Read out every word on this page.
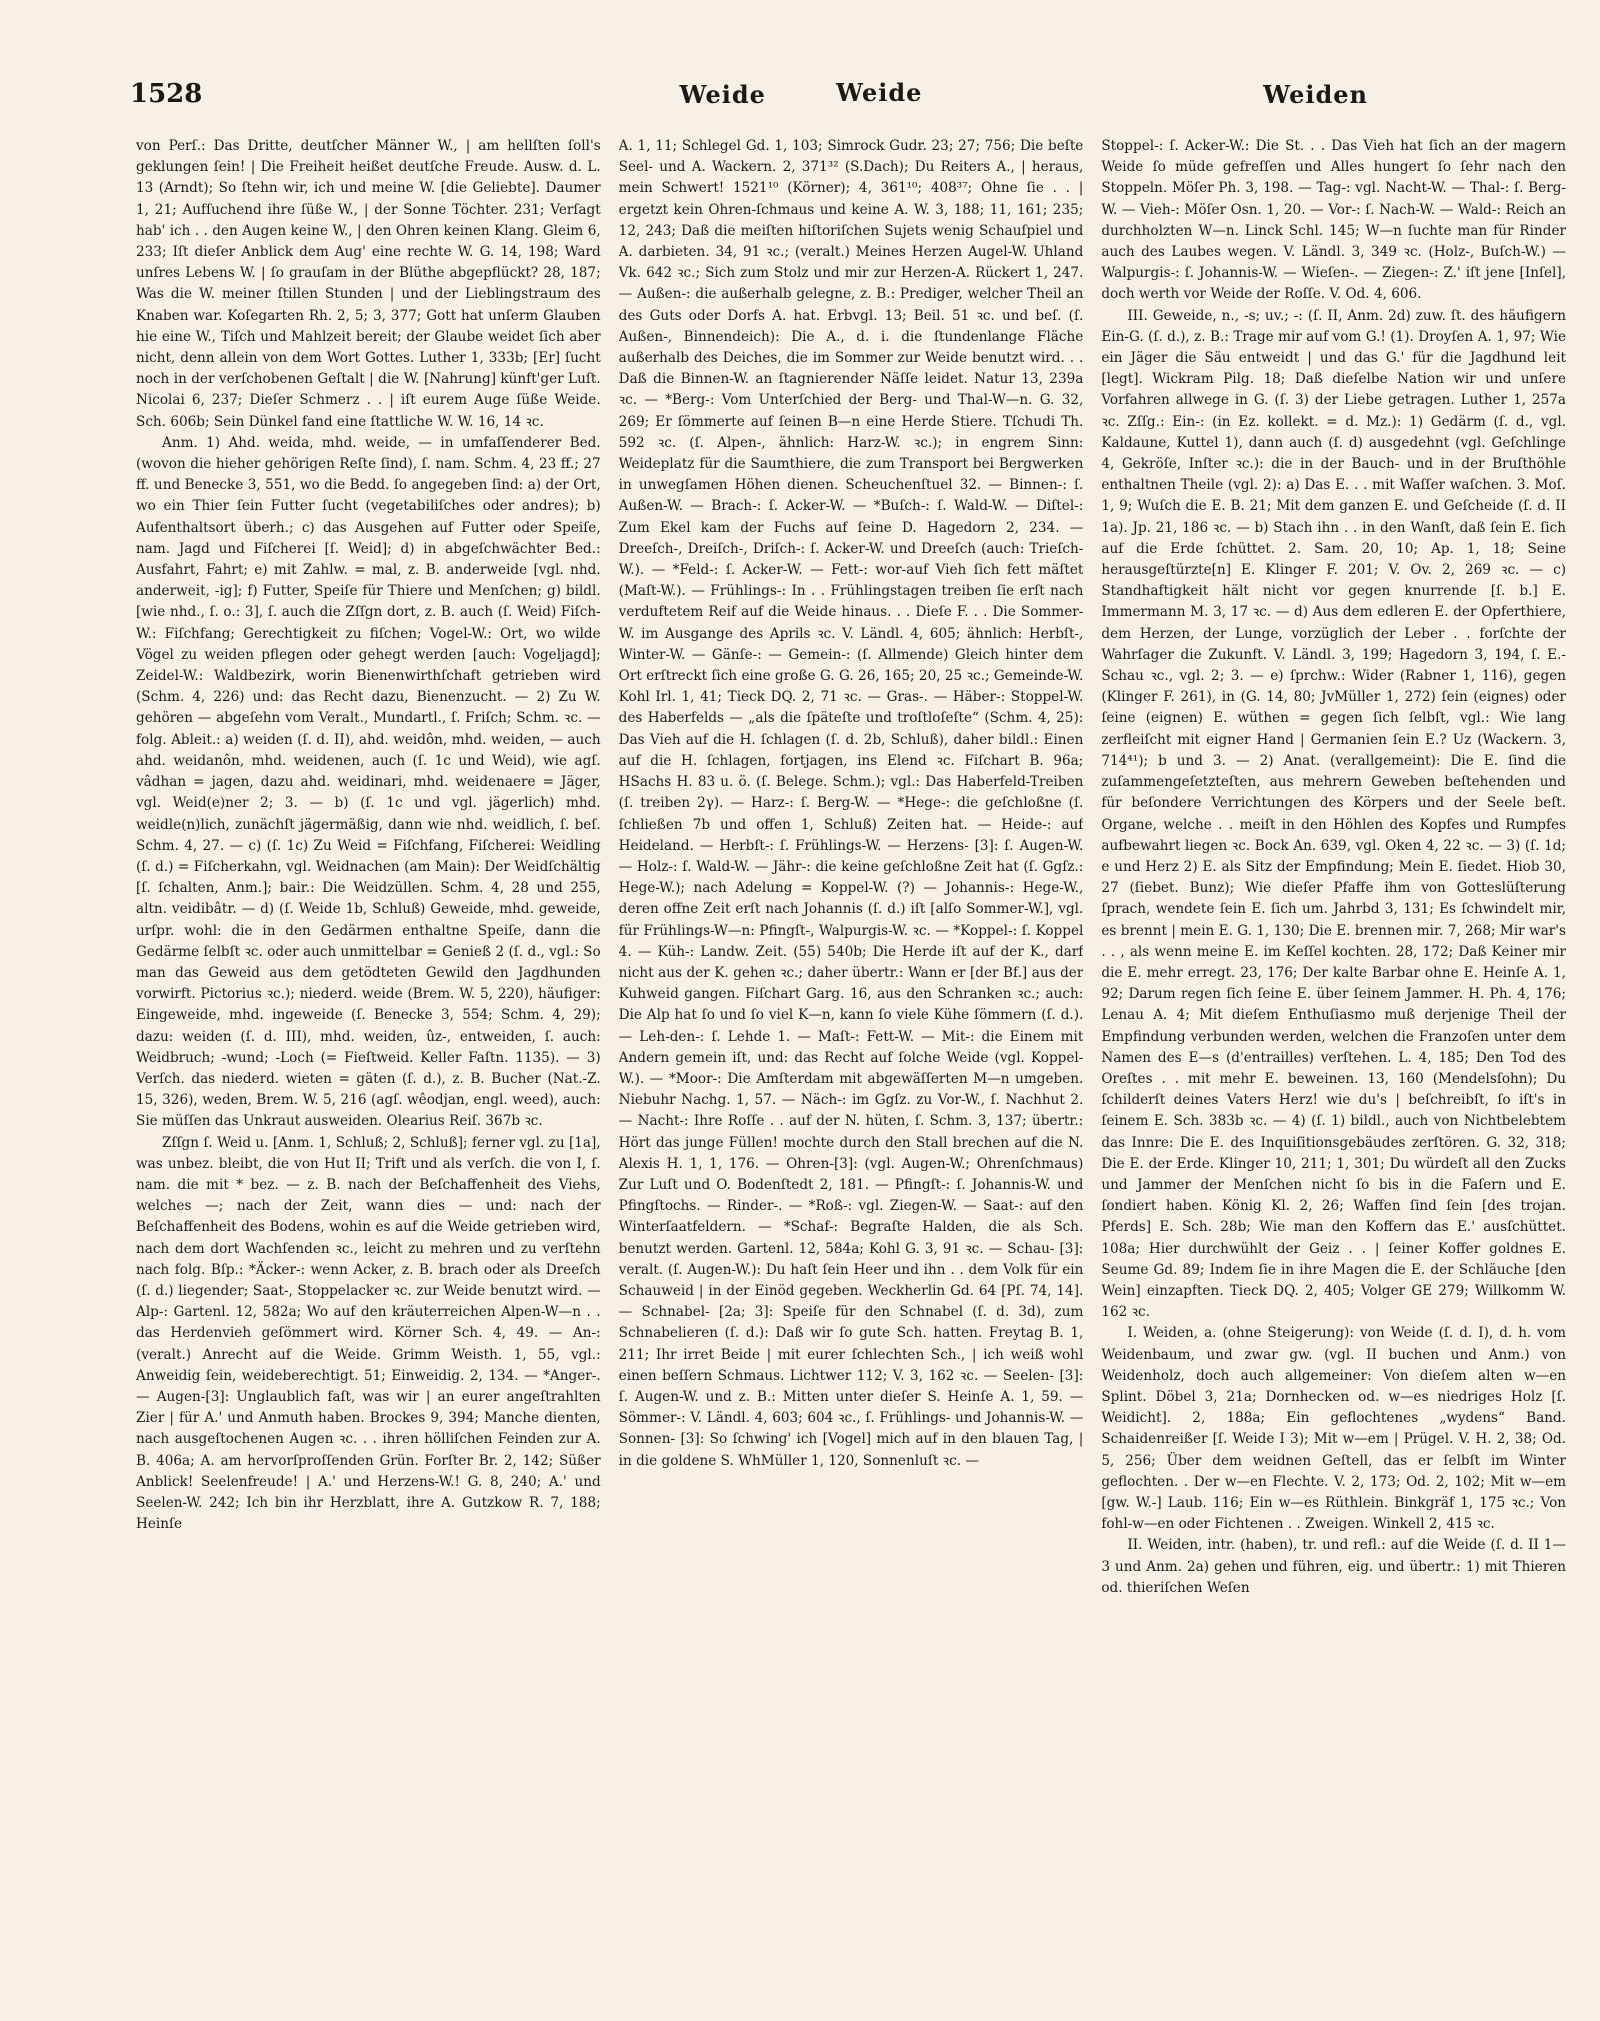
1528	Weide	Weiden
Weide

von Perſ.: Das Dritte, deutſcher Männer W., | am hellſten ſoll's geklungen ſein! | Die Freiheit heißet deutſche Freude. Ausw. d. L. 13 (Arndt); So ſtehn wir, ich und meine W. [die Geliebte]. Daumer 1, 21; Aufſuchend ihre ſüße W., | der Sonne Töchter. 231; Verſagt hab' ich . . den Augen keine W., | den Ohren keinen Klang. Gleim 6, 233; Iſt dieſer Anblick dem Aug' eine rechte W. G. 14, 198; Ward unſres Lebens W. | ſo grauſam in der Blüthe abgepflückt? 28, 187; Was die W. meiner ſtillen Stunden | und der Lieblingstraum des Knaben war. Koſegarten Rh. 2, 5; 3, 377; Gott hat unſerm Glauben hie eine W., Tiſch und Mahlzeit bereit; der Glaube weidet ſich aber nicht, denn allein von dem Wort Gottes. Luther 1, 333b; [Er] ſucht noch in der verſchobenen Geſtalt | die W. [Nahrung] künft'ger Luſt. Nicolai 6, 237; Dieſer Schmerz . . | iſt eurem Auge ſüße Weide. Sch. 606b; Sein Dünkel fand eine ſtattliche W. W. 16, 14 ꝛc.

Anm. 1) Ahd. weida, mhd. weide, — in umfaſſenderer Bed. (wovon die hieher gehörigen Reſte ſind), ſ. nam. Schm. 4, 23 ff.; 27 ff. und Benecke 3, 551, wo die Bedd. ſo angegeben ſind: a) der Ort, wo ein Thier ſein Futter ſucht (vegetabiliſches oder andres); b) Aufenthaltsort überh.; c) das Ausgehen auf Futter oder Speiſe, nam. Jagd und Fiſcherei [ſ. Weid]; d) in abgeſchwächter Bed.: Ausfahrt, Fahrt; e) mit Zahlw. = mal, z. B. anderweide [vgl. nhd. anderweit, -ig]; f) Futter, Speiſe für Thiere und Menſchen; g) bildl. [wie nhd., ſ. o.: 3], ſ. auch die Zſſgn dort, z. B. auch (ſ. Weid) Fiſch-W.: Fiſchfang; Gerechtigkeit zu fiſchen; Vogel-W.: Ort, wo wilde Vögel zu weiden pflegen oder gehegt werden [auch: Vogeljagd]; Zeidel-W.: Waldbezirk, worin Bienenwirthſchaft getrieben wird (Schm. 4, 226) und: das Recht dazu, Bienenzucht. — 2) Zu W. gehören — abgeſehn vom Veralt., Mundartl., ſ. Friſch; Schm. ꝛc. — folg. Ableit.: a) weiden (ſ. d. II), ahd. weidôn, mhd. weiden, — auch ahd. weidanôn, mhd. weidenen, auch (ſ. 1c und Weid), wie agſ. vâdhan = jagen, dazu ahd. weidinari, mhd. weidenaere = Jäger, vgl. Weid(e)ner 2; 3. — b) (ſ. 1c und vgl. jägerlich) mhd. weidle(n)lich, zunächſt jägermäßig, dann wie nhd. weidlich, ſ. beſ. Schm. 4, 27. — c) (ſ. 1c) Zu Weid = Fiſchfang, Fiſcherei: Weidling (ſ. d.) = Fiſcherkahn, vgl. Weidnachen (am Main): Der Weidſchältig [ſ. ſchalten, Anm.]; bair.: Die Weidzüllen. Schm. 4, 28 und 255, altn. veidibâtr. — d) (ſ. Weide 1b, Schluß) Geweide, mhd. geweide, urſpr. wohl: die in den Gedärmen enthaltne Speiſe, dann die Gedärme ſelbſt ꝛc. oder auch unmittelbar = Genieß 2 (ſ. d., vgl.: So man das Geweid aus dem getödteten Gewild den Jagdhunden vorwirft. Pictorius ꝛc.); niederd. weide (Brem. W. 5, 220), häufiger: Eingeweide, mhd. ingeweide (ſ. Benecke 3, 554; Schm. 4, 29); dazu: weiden (ſ. d. III), mhd. weiden, ûz-, entweiden, ſ. auch: Weidbruch; -wund; -Loch (= Fieſtweid. Keller Faſtn. 1135). — 3) Verſch. das niederd. wieten = gäten (ſ. d.), z. B. Bucher (Nat.-Z. 15, 326), weden, Brem. W. 5, 216 (agſ. wêodjan, engl. weed), auch: Sie müſſen das Unkraut ausweiden. Olearius Reiſ. 367b ꝛc.

Zſſgn ſ. Weid u. [Anm. 1, Schluß; 2, Schluß]; ferner vgl. zu [1a], was unbez. bleibt, die von Hut II; Trift und als verſch. die von I, ſ. nam. die mit * bez. — z. B. nach der Beſchaffenheit des Viehs, welches —; nach der Zeit, wann dies — und: nach der Beſchaffenheit des Bodens, wohin es auf die Weide getrieben wird, nach dem dort Wachſenden ꝛc., leicht zu mehren und zu verſtehn nach folg. Bſp.: *Äcker-: wenn Acker, z. B. brach oder als Dreeſch (ſ. d.) liegender; Saat-, Stoppelacker ꝛc. zur Weide benutzt wird. — Alp-: Gartenl. 12, 582a; Wo auf den kräuterreichen Alpen-W—n . . das Herdenvieh geſömmert wird. Körner Sch. 4, 49. — An-: (veralt.) Anrecht auf die Weide. Grimm Weisth. 1, 55, vgl.: Anweidig ſein, weideberechtigt. 51; Einweidig. 2, 134. — *Anger-. — Augen-[3]: Unglaublich faſt, was wir | an eurer angeſtrahlten Zier | für A.' und Anmuth haben. Brockes 9, 394; Manche dienten, nach ausgeſtochenen Augen ꝛc. . . ihren hölliſchen Feinden zur A. B. 406a; A. am hervorſproſſenden Grün. Forſter Br. 2, 142; Süßer Anblick! Seelenfreude! | A.' und Herzens-W.! G. 8, 240; A.' und Seelen-W. 242; Ich bin ihr Herzblatt, ihre A. Gutzkow R. 7, 188; Heinſe

A. 1, 11; Schlegel Gd. 1, 103; Simrock Gudr. 23; 27; 756; Die beſte Seel- und A. Wackern. 2, 371³² (S.Dach); Du Reiters A., | heraus, mein Schwert! 1521¹⁰ (Körner); 4, 361¹⁰; 408³⁷; Ohne ſie . . | ergetzt kein Ohren-ſchmaus und keine A. W. 3, 188; 11, 161; 235; 12, 243; Daß die meiſten hiſtoriſchen Sujets wenig Schauſpiel und A. darbieten. 34, 91 ꝛc.; (veralt.) Meines Herzen Augel-W. Uhland Vk. 642 ꝛc.; Sich zum Stolz und mir zur Herzen-A. Rückert 1, 247. — Außen-: die außerhalb gelegne, z. B.: Prediger, welcher Theil an des Guts oder Dorfs A. hat. Erbvgl. 13; Beil. 51 ꝛc. und beſ. (ſ. Außen-, Binnendeich): Die A., d. i. die ſtundenlange Fläche außerhalb des Deiches, die im Sommer zur Weide benutzt wird. . . Daß die Binnen-W. an ſtagnierender Näſſe leidet. Natur 13, 239a ꝛc. — *Berg-: Vom Unterſchied der Berg- und Thal-W—n. G. 32, 269; Er ſömmerte auf ſeinen B—n eine Herde Stiere. Tſchudi Th. 592 ꝛc. (ſ. Alpen-, ähnlich: Harz-W. ꝛc.); in engrem Sinn: Weideplatz für die Saumthiere, die zum Transport bei Bergwerken in unwegſamen Höhen dienen. Scheuchenſtuel 32. — Binnen-: ſ. Außen-W. — Brach-: ſ. Acker-W. — *Buſch-: ſ. Wald-W. — Diſtel-: Zum Ekel kam der Fuchs auf ſeine D. Hagedorn 2, 234. — Dreeſch-, Dreiſch-, Driſch-: ſ. Acker-W. und Dreeſch (auch: Trieſch-W.). — *Feld-: ſ. Acker-W. — Fett-: wor-auf Vieh ſich fett mäſtet (Maſt-W.). — Frühlings-: In . . Frühlingstagen treiben ſie erſt nach verduftetem Reif auf die Weide hinaus. . . Dieſe F. . . Die Sommer-W. im Ausgange des Aprils ꝛc. V. Ländl. 4, 605; ähnlich: Herbſt-, Winter-W. — Gänſe-: — Gemein-: (ſ. Allmende) Gleich hinter dem Ort erſtreckt ſich eine große G. G. 26, 165; 20, 25 ꝛc.; Gemeinde-W. Kohl Irl. 1, 41; Tieck DQ. 2, 71 ꝛc. — Gras-. — Häber-: Stoppel-W. des Haberfelds — „als die ſpäteſte und troſtloſeſte“ (Schm. 4, 25): Das Vieh auf die H. ſchlagen (ſ. d. 2b, Schluß), daher bildl.: Einen auf die H. ſchlagen, fortjagen, ins Elend ꝛc. Fiſchart B. 96a; HSachs H. 83 u. ö. (ſ. Belege. Schm.); vgl.: Das Haberfeld-Treiben (ſ. treiben 2γ). — Harz-: ſ. Berg-W. — *Hege-: die geſchloßne (ſ. ſchließen 7b und offen 1, Schluß) Zeiten hat. — Heide-: auf Heideland. — Herbſt-: ſ. Frühlings-W. — Herzens- [3]: ſ. Augen-W. — Holz-: ſ. Wald-W. — Jähr-: die keine geſchloßne Zeit hat (ſ. Ggſz.: Hege-W.); nach Adelung = Koppel-W. (?) — Johannis-: Hege-W., deren offne Zeit erſt nach Johannis (ſ. d.) iſt [alſo Sommer-W.], vgl. für Frühlings-W—n: Pfingſt-, Walpurgis-W. ꝛc. — *Koppel-: ſ. Koppel 4. — Küh-: Landw. Zeit. (55) 540b; Die Herde iſt auf der K., darf nicht aus der K. gehen ꝛc.; daher übertr.: Wann er [der Bf.] aus der Kuhweid gangen. Fiſchart Garg. 16, aus den Schranken ꝛc.; auch: Die Alp hat ſo und ſo viel K—n, kann ſo viele Kühe ſömmern (ſ. d.). — Leh-den-: ſ. Lehde 1. — Maſt-: Fett-W. — Mit-: die Einem mit Andern gemein iſt, und: das Recht auf ſolche Weide (vgl. Koppel-W.). — *Moor-: Die Amſterdam mit abgewäſſerten M—n umgeben. Niebuhr Nachg. 1, 57. — Näch-: im Ggſz. zu Vor-W., ſ. Nachhut 2. — Nacht-: Ihre Roſſe . . auf der N. hüten, ſ. Schm. 3, 137; übertr.: Hört das junge Füllen! mochte durch den Stall brechen auf die N. Alexis H. 1, 1, 176. — Ohren-[3]: (vgl. Augen-W.; Ohrenſchmaus) Zur Luſt und O. Bodenſtedt 2, 181. — Pfingſt-: ſ. Johannis-W. und Pfingſtochs. — Rinder-. — *Roß-: vgl. Ziegen-W. — Saat-: auf den Winterſaatfeldern. — *Schaf-: Begraſte Halden, die als Sch. benutzt werden. Gartenl. 12, 584a; Kohl G. 3, 91 ꝛc. — Schau- [3]: veralt. (ſ. Augen-W.): Du haſt ſein Heer und ihn . . dem Volk für ein Schauweid | in der Einöd gegeben. Weckherlin Gd. 64 [Pſ. 74, 14]. — Schnabel- [2a; 3]: Speiſe für den Schnabel (ſ. d. 3d), zum Schnabelieren (ſ. d.): Daß wir ſo gute Sch. hatten. Freytag B. 1, 211; Ihr irret Beide | mit eurer ſchlechten Sch., | ich weiß wohl einen beſſern Schmaus. Lichtwer 112; V. 3, 162 ꝛc. — Seelen- [3]: ſ. Augen-W. und z. B.: Mitten unter dieſer S. Heinſe A. 1, 59. — Sömmer-: V. Ländl. 4, 603; 604 ꝛc., ſ. Frühlings- und Johannis-W. — Sonnen- [3]: So ſchwing' ich [Vogel] mich auf in den blauen Tag, | in die goldene S. WhMüller 1, 120, Sonnenluſt ꝛc. —

Stoppel-: ſ. Acker-W.: Die St. . . Das Vieh hat ſich an der magern Weide ſo müde gefreſſen und Alles hungert ſo ſehr nach den Stoppeln. Möſer Ph. 3, 198. — Tag-: vgl. Nacht-W. — Thal-: ſ. Berg-W. — Vieh-: Möſer Osn. 1, 20. — Vor-: ſ. Nach-W. — Wald-: Reich an durchholzten W—n. Linck Schl. 145; W—n ſuchte man für Rinder auch des Laubes wegen. V. Ländl. 3, 349 ꝛc. (Holz-, Buſch-W.) — Walpurgis-: ſ. Johannis-W. — Wieſen-. — Ziegen-: Z.' iſt jene [Inſel], doch werth vor Weide der Roſſe. V. Od. 4, 606.

III. Geweide, n., -s; uv.; -: (ſ. II, Anm. 2d) zuw. ſt. des häufigern Ein-G. (ſ. d.), z. B.: Trage mir auf vom G.! (1). Droyſen A. 1, 97; Wie ein Jäger die Säu entweidt | und das G.' für die Jagdhund leit [legt]. Wickram Pilg. 18; Daß dieſelbe Nation wir und unſere Vorfahren allwege in G. (ſ. 3) der Liebe getragen. Luther 1, 257a ꝛc. Zſſg.: Ein-: (in Ez. kollekt. = d. Mz.): 1) Gedärm (ſ. d., vgl. Kaldaune, Kuttel 1), dann auch (ſ. d) ausgedehnt (vgl. Geſchlinge 4, Gekröſe, Inſter ꝛc.): die in der Bauch- und in der Bruſthöhle enthaltnen Theile (vgl. 2): a) Das E. . . mit Waſſer waſchen. 3. Moſ. 1, 9; Wuſch die E. B. 21; Mit dem ganzen E. und Geſcheide (ſ. d. II 1a). Jp. 21, 186 ꝛc. — b) Stach ihn . . in den Wanſt, daß ſein E. ſich auf die Erde ſchüttet. 2. Sam. 20, 10; Ap. 1, 18; Seine herausgeſtürzte[n] E. Klinger F. 201; V. Ov. 2, 269 ꝛc. — c) Standhaftigkeit hält nicht vor gegen knurrende [ſ. b.] E. Immermann M. 3, 17 ꝛc. — d) Aus dem edleren E. der Opferthiere, dem Herzen, der Lunge, vorzüglich der Leber . . forſchte der Wahrſager die Zukunft. V. Ländl. 3, 199; Hagedorn 3, 194, ſ. E.-Schau ꝛc., vgl. 2; 3. — e) ſprchw.: Wider (Rabner 1, 116), gegen (Klinger F. 261), in (G. 14, 80; JvMüller 1, 272) ſein (eignes) oder ſeine (eignen) E. wüthen = gegen ſich ſelbſt, vgl.: Wie lang zerfleiſcht mit eigner Hand | Germanien ſein E.? Uz (Wackern. 3, 714⁴¹); b und 3. — 2) Anat. (verallgemeint): Die E. ſind die zuſammengeſetzteſten, aus mehrern Geweben beſtehenden und für beſondere Verrichtungen des Körpers und der Seele beſt. Organe, welche . . meiſt in den Höhlen des Kopfes und Rumpfes aufbewahrt liegen ꝛc. Bock An. 639, vgl. Oken 4, 22 ꝛc. — 3) (ſ. 1d; e und Herz 2) E. als Sitz der Empfindung; Mein E. ſiedet. Hiob 30, 27 (ſiebet. Bunz); Wie dieſer Pfaffe ihm von Gotteslüſterung ſprach, wendete ſein E. ſich um. Jahrbd 3, 131; Es ſchwindelt mir, es brennt | mein E. G. 1, 130; Die E. brennen mir. 7, 268; Mir war's . . , als wenn meine E. im Keſſel kochten. 28, 172; Daß Keiner mir die E. mehr erregt. 23, 176; Der kalte Barbar ohne E. Heinſe A. 1, 92; Darum regen ſich ſeine E. über ſeinem Jammer. H. Ph. 4, 176; Lenau A. 4; Mit dieſem Enthuſiasmo muß derjenige Theil der Empfindung verbunden werden, welchen die Franzoſen unter dem Namen des E—s (d'entrailles) verſtehen. L. 4, 185; Den Tod des Oreſtes . . mit mehr E. beweinen. 13, 160 (Mendelsſohn); Du ſchilderſt deines Vaters Herz! wie du's | beſchreibſt, ſo iſt's in ſeinem E. Sch. 383b ꝛc. — 4) (ſ. 1) bildl., auch von Nichtbelebtem das Innre: Die E. des Inquiſitionsgebäudes zerſtören. G. 32, 318; Die E. der Erde. Klinger 10, 211; 1, 301; Du würdeſt all den Zucks und Jammer der Menſchen nicht ſo bis in die Faſern und E. ſondiert haben. König Kl. 2, 26; Waffen ſind ſein [des trojan. Pferds] E. Sch. 28b; Wie man den Koffern das E.' ausſchüttet. 108a; Hier durchwühlt der Geiz . . | ſeiner Koffer goldnes E. Seume Gd. 89; Indem ſie in ihre Magen die E. der Schläuche [den Wein] einzapften. Tieck DQ. 2, 405; Volger GE 279; Willkomm W. 162 ꝛc.

I. Weiden, a. (ohne Steigerung): von Weide (ſ. d. I), d. h. vom Weidenbaum, und zwar gw. (vgl. II buchen und Anm.) von Weidenholz, doch auch allgemeiner: Von dieſem alten w—en Splint. Döbel 3, 21a; Dornhecken od. w—es niedriges Holz [ſ. Weidicht]. 2, 188a; Ein geflochtenes „wydens“ Band. Schaidenreißer [ſ. Weide I 3); Mit w—em | Prügel. V. H. 2, 38; Od. 5, 256; Über dem weidnen Geſtell, das er ſelbſt im Winter geflochten. . Der w—en Flechte. V. 2, 173; Od. 2, 102; Mit w—em [gw. W.-] Laub. 116; Ein w—es Rüthlein. Binkgräf 1, 175 ꝛc.; Von fohl-w—en oder Fichtenen . . Zweigen. Winkell 2, 415 ꝛc.

II. Weiden, intr. (haben), tr. und refl.: auf die Weide (ſ. d. II 1—3 und Anm. 2a) gehen und führen, eig. und übertr.: 1) mit Thieren od. thieriſchen Weſen
